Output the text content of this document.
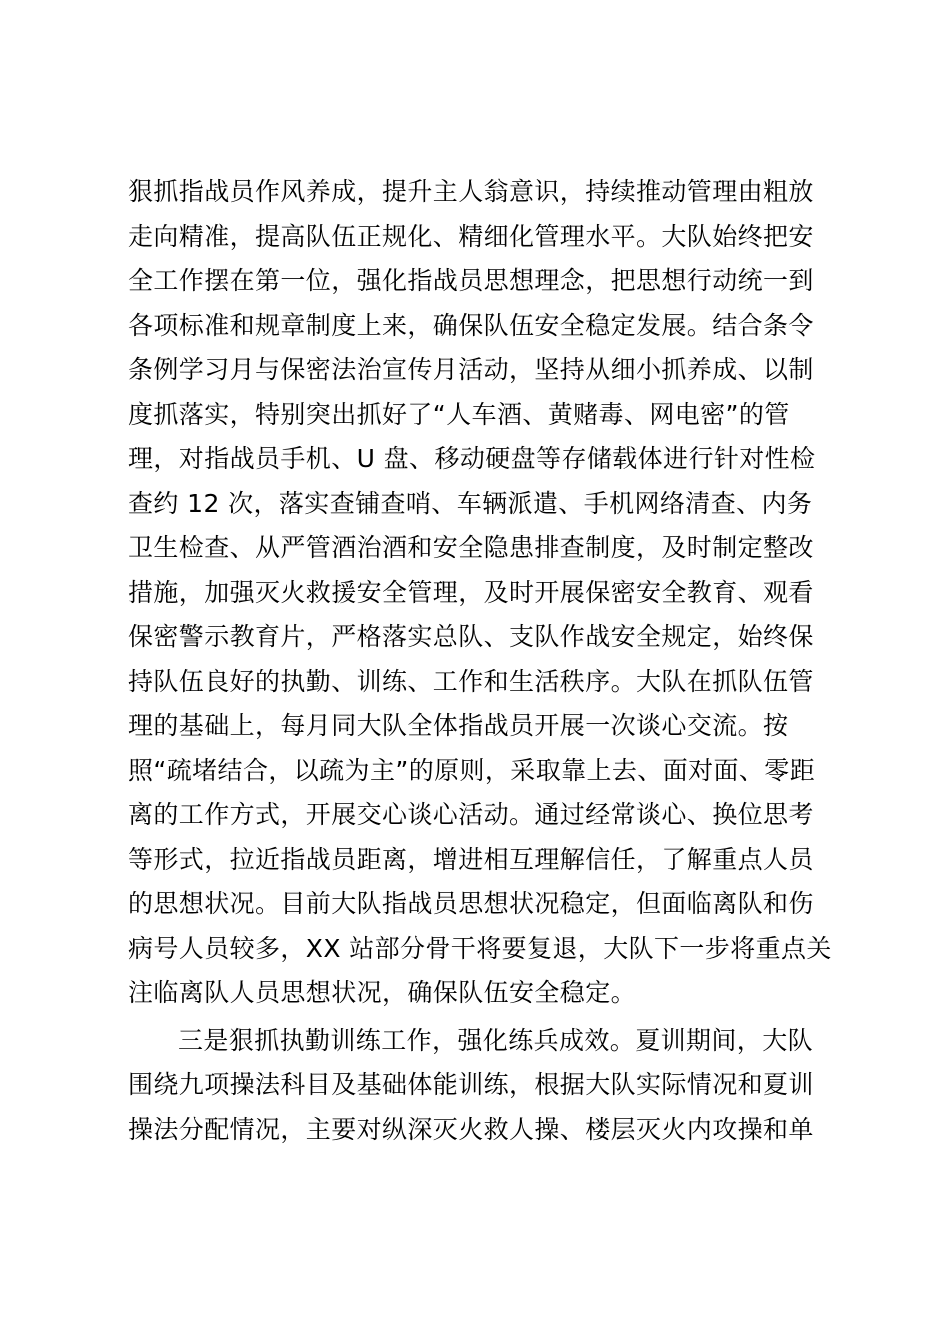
狠抓指战员作风养成，提升主人翁意识，持续推动管理由粗放
走向精准，提高队伍正规化、精细化管理水平。大队始终把安
全工作摆在第一位，强化指战员思想理念，把思想行动统一到
各项标准和规章制度上来，确保队伍安全稳定发展。结合条令
条例学习月与保密法治宣传月活动，坚持从细小抓养成、以制
度抓落实，特别突出抓好了“人车酒、黄赌毒、网电密”的管
理，对指战员手机、U 盘、移动硬盘等存储载体进行针对性检
查约 12 次，落实查铺查哨、车辆派遣、手机网络清查、内务
卫生检查、从严管酒治酒和安全隐患排查制度，及时制定整改
措施，加强灭火救援安全管理，及时开展保密安全教育、观看
保密警示教育片，严格落实总队、支队作战安全规定，始终保
持队伍良好的执勤、训练、工作和生活秩序。大队在抓队伍管
理的基础上，每月同大队全体指战员开展一次谈心交流。按
照“疏堵结合，以疏为主”的原则，采取靠上去、面对面、零距
离的工作方式，开展交心谈心活动。通过经常谈心、换位思考
等形式，拉近指战员距离，增进相互理解信任，了解重点人员
的思想状况。目前大队指战员思想状况稳定，但面临离队和伤
病号人员较多，XX 站部分骨干将要复退，大队下一步将重点关
注临离队人员思想状况，确保队伍安全稳定。
三是狠抓执勤训练工作，强化练兵成效。夏训期间，大队
围绕九项操法科目及基础体能训练，根据大队实际情况和夏训
操法分配情况，主要对纵深灭火救人操、楼层灭火内攻操和单
